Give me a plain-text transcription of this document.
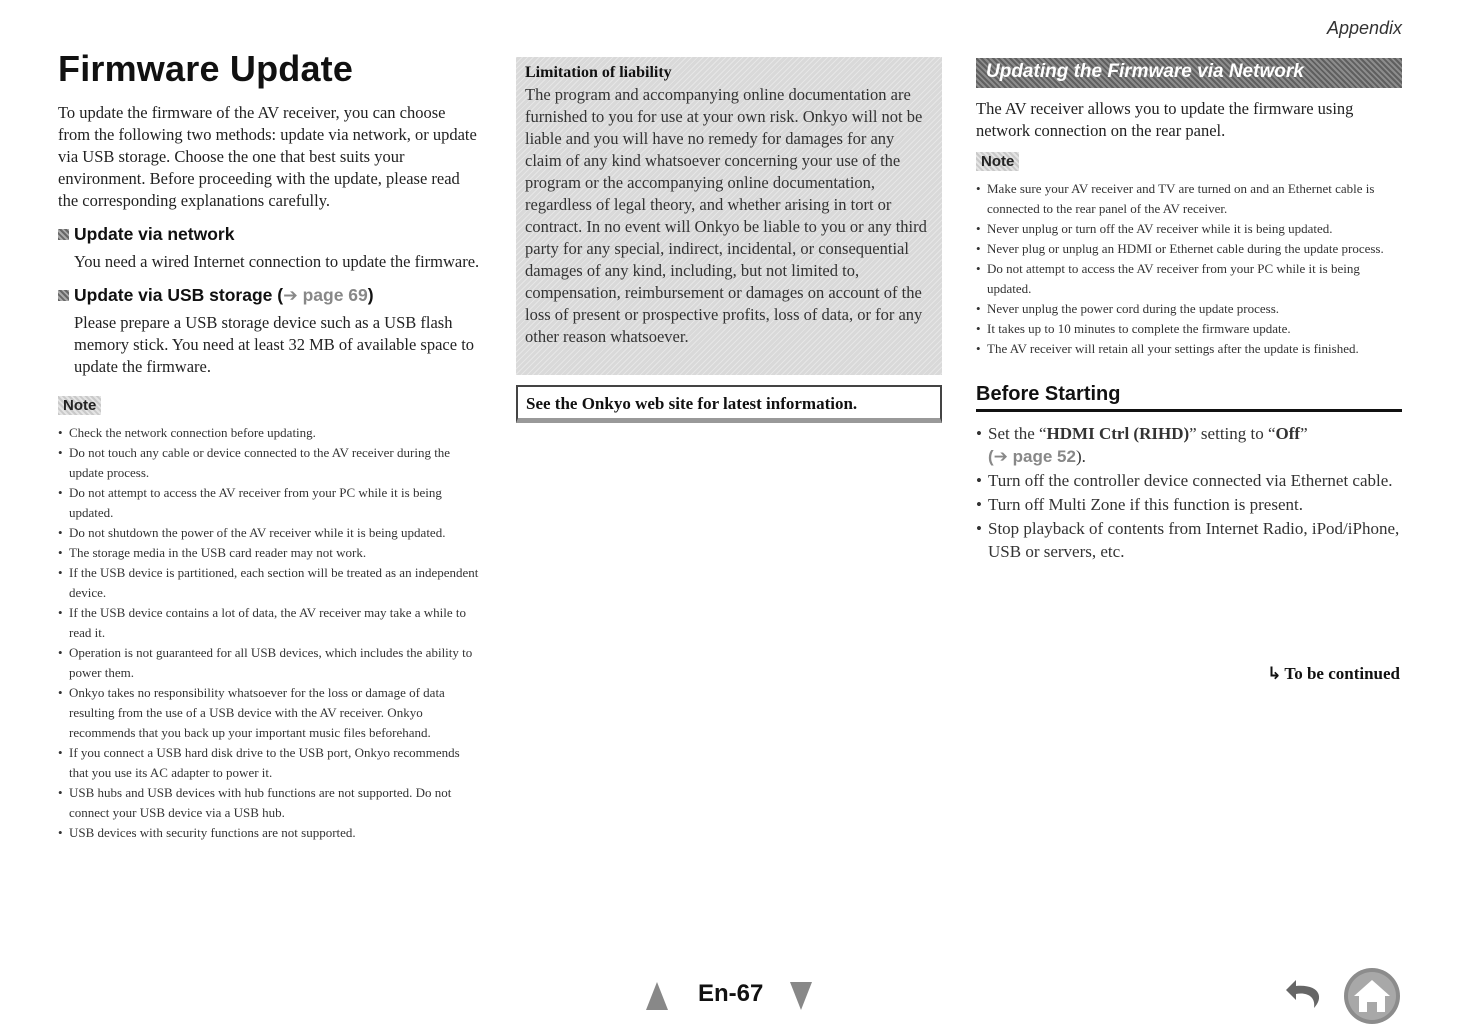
Appendix
Firmware Update

To update the firmware of the AV receiver, you can choose from the following two methods: update via network, or update via USB storage. Choose the one that best suits your environment. Before proceeding with the update, please read the corresponding explanations carefully.

Update via network

You need a wired Internet connection to update the firmware.

Update via USB storage ( ➔ page 69 )

Please prepare a USB storage device such as a USB flash memory stick. You need at least 32 MB of available space to update the firmware.

Note
• Check the network connection before updating.
• Do not touch any cable or device connected to the AV receiver during the update process.
• Do not attempt to access the AV receiver from your PC while it is being updated.
• Do not shutdown the power of the AV receiver while it is being updated.
• The storage media in the USB card reader may not work.
• If the USB device is partitioned, each section will be treated as an independent device.
• If the USB device contains a lot of data, the AV receiver may take a while to read it.
• Operation is not guaranteed for all USB devices, which includes the ability to power them.
• Onkyo takes no responsibility whatsoever for the loss or damage of data resulting from the use of a USB device with the AV receiver. Onkyo recommends that you back up your important music files beforehand.
• If you connect a USB hard disk drive to the USB port, Onkyo recommends that you use its AC adapter to power it.
• USB hubs and USB devices with hub functions are not supported. Do not connect your USB device via a USB hub.
• USB devices with security functions are not supported.
Limitation of liability

The program and accompanying online documentation are furnished to you for use at your own risk. Onkyo will not be liable and you will have no remedy for damages for any claim of any kind whatsoever concerning your use of the program or the accompanying online documentation, regardless of legal theory, and whether arising in tort or contract. In no event will Onkyo be liable to you or any third party for any special, indirect, incidental, or consequential damages of any kind, including, but not limited to, compensation, reimbursement or damages on account of the loss of present or prospective profits, loss of data, or for any other reason whatsoever.

See the Onkyo web site for latest information.
Updating the Firmware via Network

The AV receiver allows you to update the firmware using network connection on the rear panel.

Note
• Make sure your AV receiver and TV are turned on and an Ethernet cable is connected to the rear panel of the AV receiver.
• Never unplug or turn off the AV receiver while it is being updated.
• Never plug or unplug an HDMI or Ethernet cable during the update process.
• Do not attempt to access the AV receiver from your PC while it is being updated.
• Never unplug the power cord during the update process.
• It takes up to 10 minutes to complete the firmware update.
• The AV receiver will retain all your settings after the update is finished.
Before Starting
• Set the “HDMI Ctrl (RIHD)” setting to “Off”
(➔ page 52).
• Turn off the controller device connected via Ethernet cable.
• Turn off Multi Zone if this function is present.
• Stop playback of contents from Internet Radio, iPod/iPhone, USB or servers, etc.
↳ To be continued
En-67
